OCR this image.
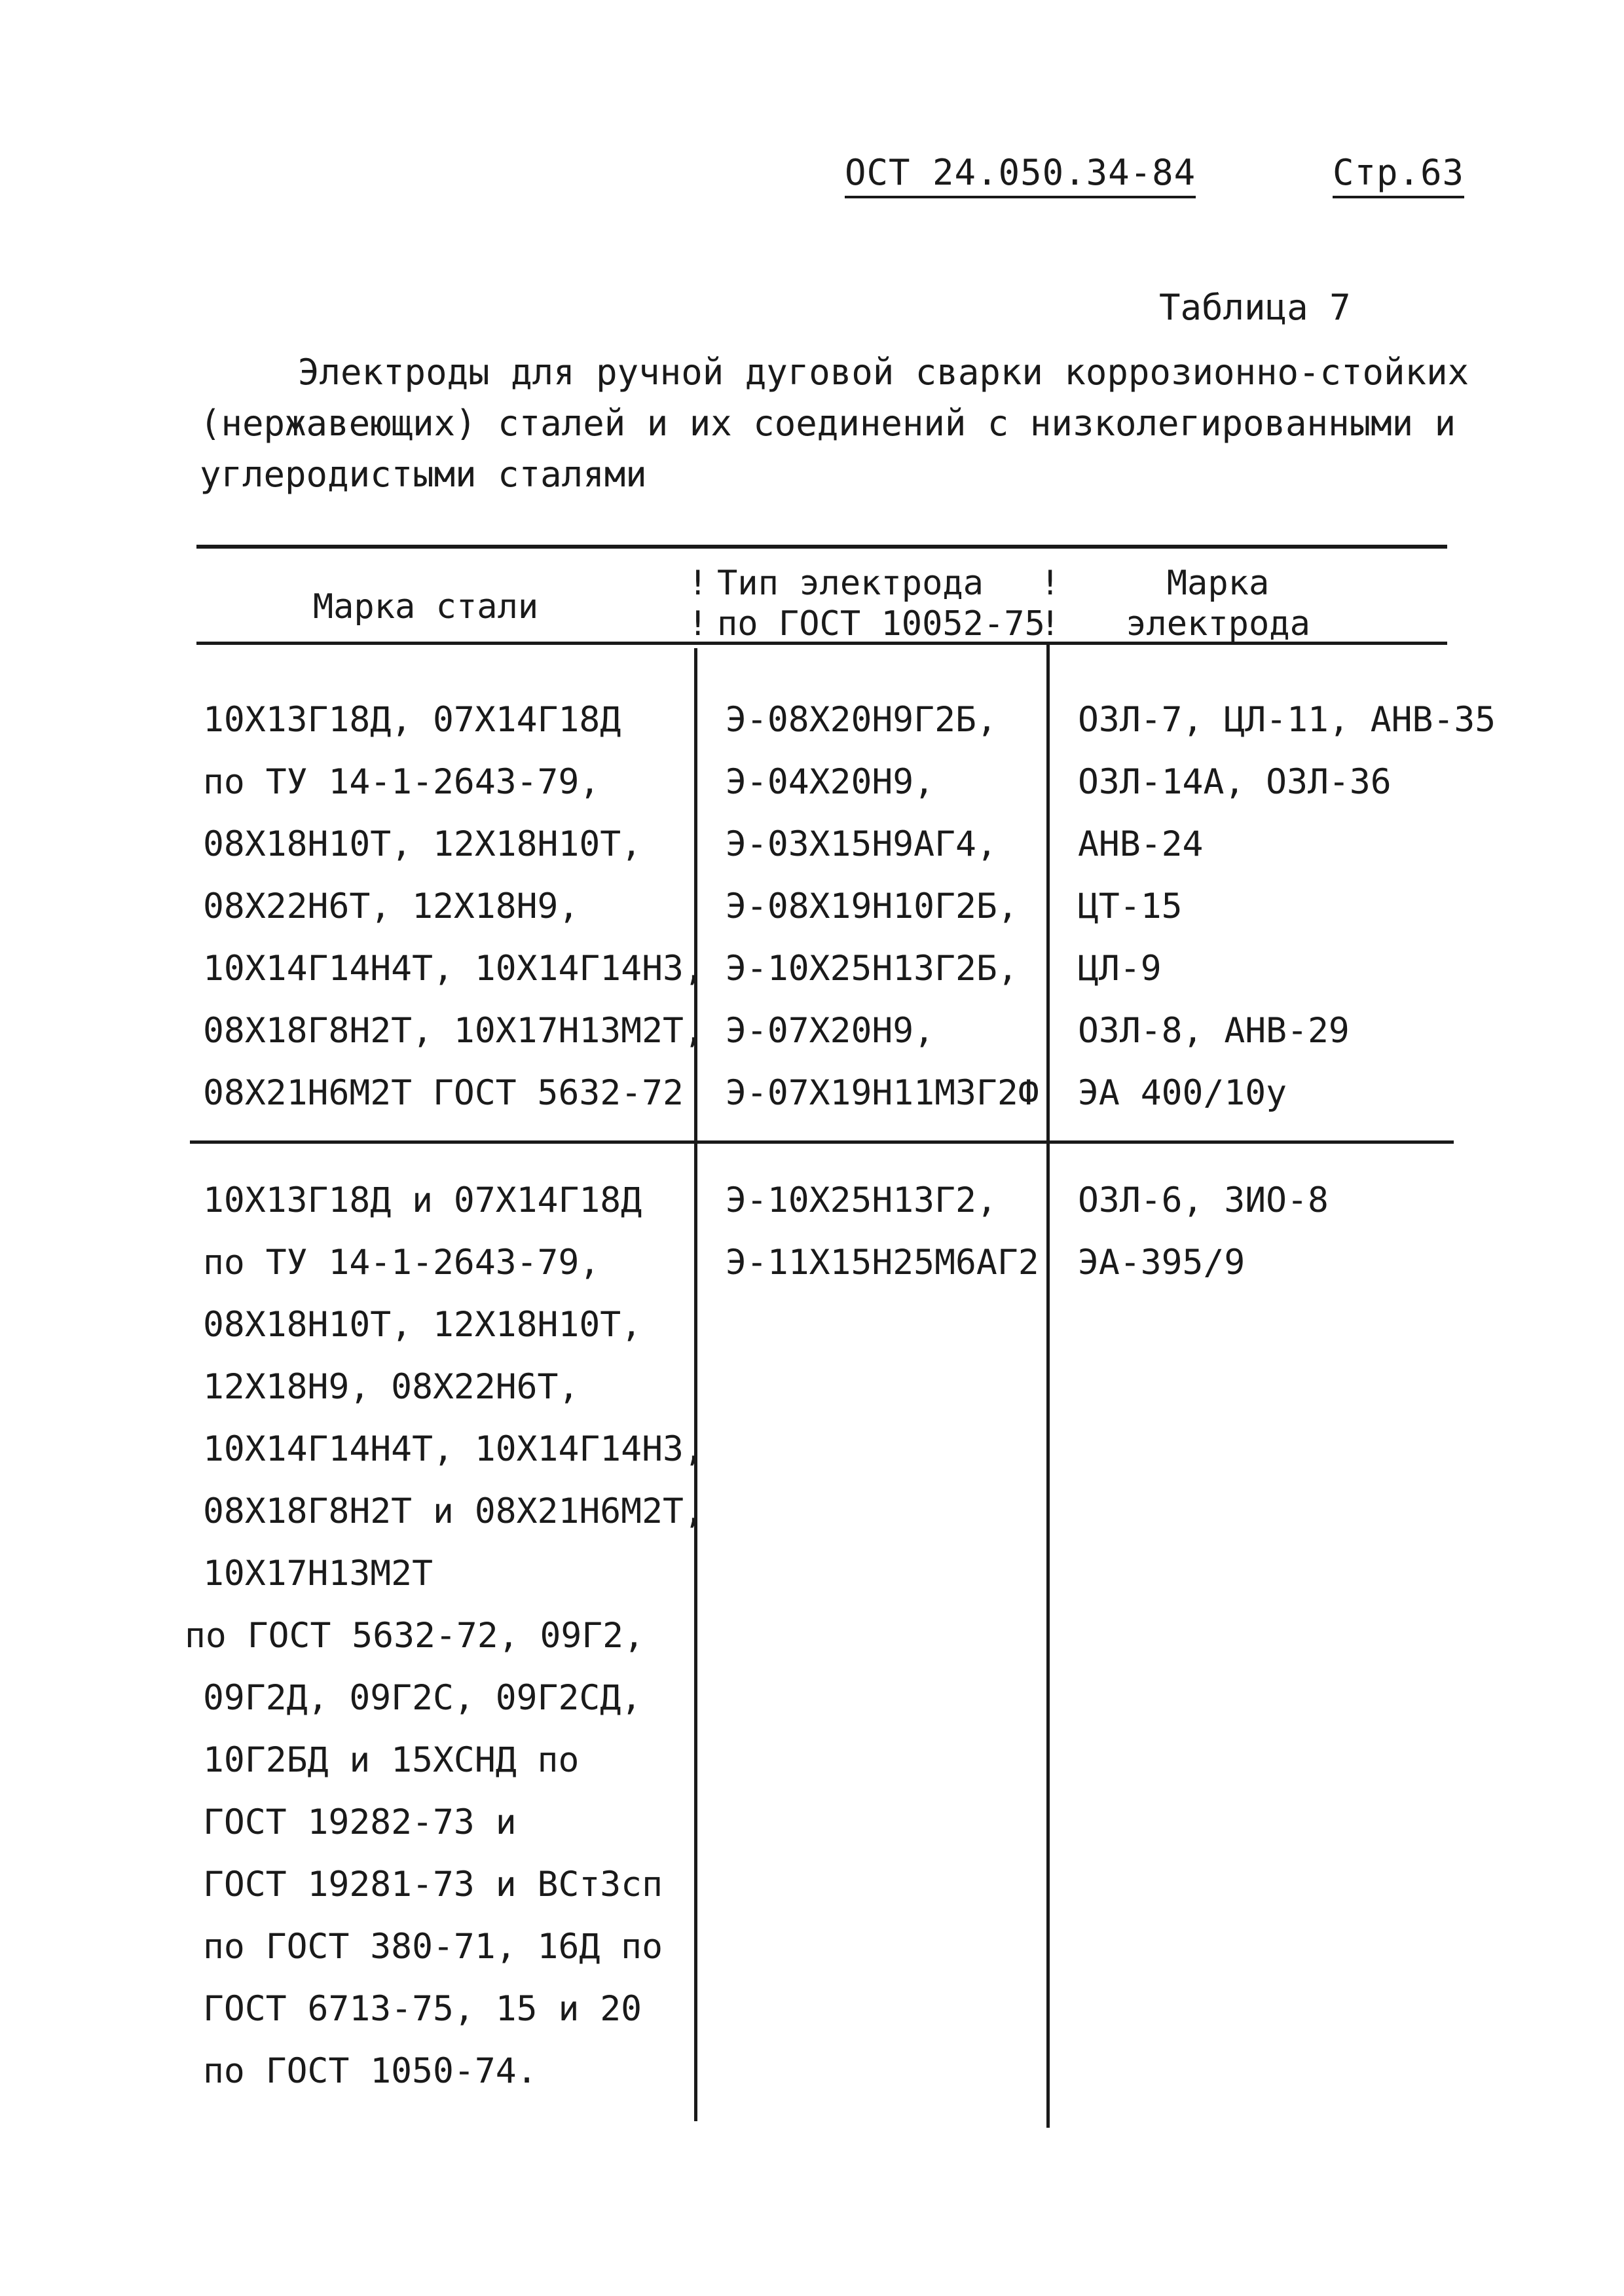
ОСТ 24.050.34-84	Стр.63
Таблица 7
Электроды для ручной дуговой сварки коррозионно-стойких
(нержавеющих) сталей и их соединений с низколегированными и
углеродистыми сталями
Марка стали
!
!
Тип электрода
по ГОСТ 10052-75
!
!
Марка
электрода
10Х13Г18Д, 07Х14Г18Д
по ТУ 14-1-2643-79,
08Х18Н10Т, 12Х18Н10Т,
08Х22Н6Т, 12Х18Н9,
10Х14Г14Н4Т, 10Х14Г14Н3,
08Х18Г8Н2Т, 10Х17Н13М2Т,
08Х21Н6М2Т ГОСТ 5632-72
Э-08Х20Н9Г2Б,
Э-04Х20Н9,
Э-03Х15Н9АГ4,
Э-08Х19Н10Г2Б,
Э-10Х25Н13Г2Б,
Э-07Х20Н9,
Э-07Х19Н11М3Г2Ф
ОЗЛ-7, ЦЛ-11, АНВ-35
ОЗЛ-14А, ОЗЛ-36
АНВ-24
ЦТ-15
ЦЛ-9
ОЗЛ-8, АНВ-29
ЭА 400/10у
10Х13Г18Д и 07Х14Г18Д
по ТУ 14-1-2643-79,
08Х18Н10Т, 12Х18Н10Т,
12Х18Н9, 08Х22Н6Т,
10Х14Г14Н4Т, 10Х14Г14Н3,
08Х18Г8Н2Т и 08Х21Н6М2Т,
10Х17Н13М2Т
по ГОСТ 5632-72, 09Г2,
09Г2Д, 09Г2С, 09Г2СД,
10Г2БД и 15ХСНД по
ГОСТ 19282-73 и
ГОСТ 19281-73 и ВСт3сп
по ГОСТ 380-71, 16Д по
ГОСТ 6713-75, 15 и 20
по ГОСТ 1050-74.
Э-10Х25Н13Г2,
Э-11Х15Н25М6АГ2
ОЗЛ-6, ЗИО-8
ЭА-395/9
